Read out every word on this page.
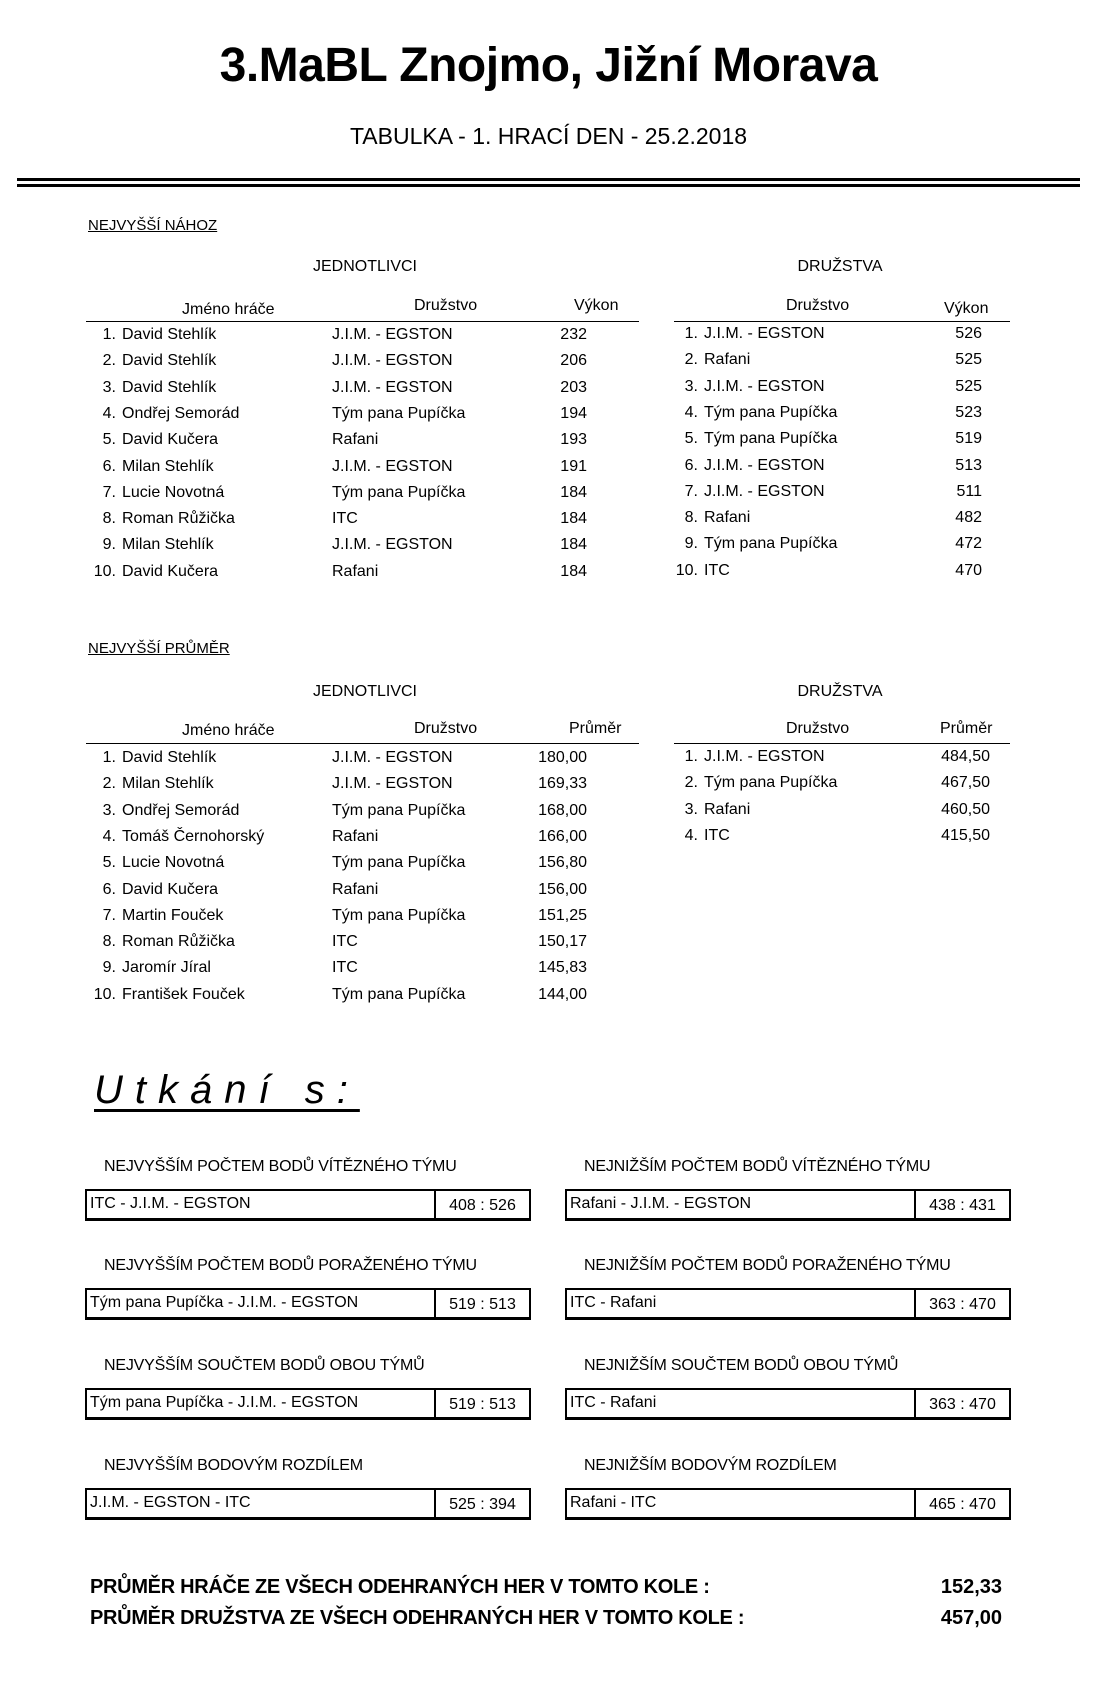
3.MaBL Znojmo, Jižní Morava
TABULKA - 1. HRACÍ DEN - 25.2.2018
NEJVYŠŠÍ NÁHOZ
JEDNOTLIVCI	DRUŽSTVA
Jméno hráče	Družstvo	Výkon
1. David Stehlík	J.I.M. - EGSTON	232
2. David Stehlík	J.I.M. - EGSTON	206
3. David Stehlík	J.I.M. - EGSTON	203
4. Ondřej Semorád	Tým pana Pupíčka	194
5. David Kučera	Rafani	193
6. Milan Stehlík	J.I.M. - EGSTON	191
7. Lucie Novotná	Tým pana Pupíčka	184
8. Roman Růžička	ITC	184
9. Milan Stehlík	J.I.M. - EGSTON	184
10. David Kučera	Rafani	184
Družstvo	Výkon
1. J.I.M. - EGSTON	526
2. Rafani	525
3. J.I.M. - EGSTON	525
4. Tým pana Pupíčka	523
5. Tým pana Pupíčka	519
6. J.I.M. - EGSTON	513
7. J.I.M. - EGSTON	511
8. Rafani	482
9. Tým pana Pupíčka	472
10. ITC	470
NEJVYŠŠÍ PRŮMĚR
JEDNOTLIVCI	DRUŽSTVA
Jméno hráče	Družstvo	Průměr
1. David Stehlík	J.I.M. - EGSTON	180,00
2. Milan Stehlík	J.I.M. - EGSTON	169,33
3. Ondřej Semorád	Tým pana Pupíčka	168,00
4. Tomáš Černohorský	Rafani	166,00
5. Lucie Novotná	Tým pana Pupíčka	156,80
6. David Kučera	Rafani	156,00
7. Martin Fouček	Tým pana Pupíčka	151,25
8. Roman Růžička	ITC	150,17
9. Jaromír Jíral	ITC	145,83
10. František Fouček	Tým pana Pupíčka	144,00
Družstvo	Průměr
1. J.I.M. - EGSTON	484,50
2. Tým pana Pupíčka	467,50
3. Rafani	460,50
4. ITC	415,50
Utkání s:
NEJVYŠŠÍM POČTEM BODŮ VÍTĚZNÉHO TÝMU
ITC - J.I.M. - EGSTON	408 : 526
NEJVYŠŠÍM POČTEM BODŮ PORAŽENÉHO TÝMU
Tým pana Pupíčka - J.I.M. - EGSTON	519 : 513
NEJVYŠŠÍM SOUČTEM BODŮ OBOU TÝMŮ
Tým pana Pupíčka - J.I.M. - EGSTON	519 : 513
NEJVYŠŠÍM BODOVÝM ROZDÍLEM
J.I.M. - EGSTON - ITC	525 : 394
NEJNIŽŠÍM POČTEM BODŮ VÍTĚZNÉHO TÝMU
Rafani - J.I.M. - EGSTON	438 : 431
NEJNIŽŠÍM POČTEM BODŮ PORAŽENÉHO TÝMU
ITC - Rafani	363 : 470
NEJNIŽŠÍM SOUČTEM BODŮ OBOU TÝMŮ
ITC - Rafani	363 : 470
NEJNIŽŠÍM BODOVÝM ROZDÍLEM
Rafani - ITC	465 : 470
PRŮMĚR HRÁČE ZE VŠECH ODEHRANÝCH HER V TOMTO KOLE :	152,33
PRŮMĚR DRUŽSTVA ZE VŠECH ODEHRANÝCH HER V TOMTO KOLE :	457,00
